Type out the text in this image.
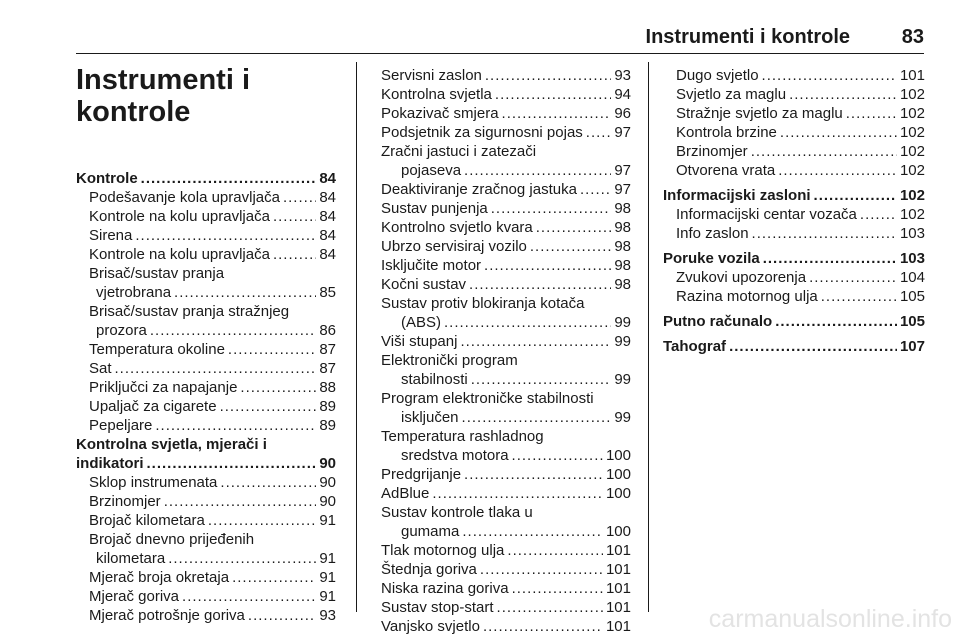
Instrumenti i kontrole	83
Instrumenti i
kontrole
Kontrole .....	84
Podešavanje kola upravljača .....	84
Kontrole na kolu upravljača .....	84
Sirena .....	84
Kontrole na kolu upravljača .....	84
Brisač/sustav pranja
vjetrobrana .....	85
Brisač/sustav pranja stražnjeg
prozora .....	86
Temperatura okoline .....	87
Sat .....	87
Priključci za napajanje .....	88
Upaljač za cigarete .....	89
Pepeljare .....	89
Kontrolna svjetla, mjerači i
indikatori .....	90
Sklop instrumenata .....	90
Brzinomjer .....	90
Brojač kilometara .....	91
Brojač dnevno prijeđenih
kilometara .....	91
Mjerač broja okretaja .....	91
Mjerač goriva .....	91
Mjerač potrošnje goriva .....	93
Servisni zaslon .....	93
Kontrolna svjetla .....	94
Pokazivač smjera .....	96
Podsjetnik za sigurnosni pojas ..... 97
Zračni jastuci i zatezači
pojaseva .....	97
Deaktiviranje zračnog jastuka ..... 97
Sustav punjenja .....	98
Kontrolno svjetlo kvara .....	98
Ubrzo servisiraj vozilo .....	98
Isključite motor .....	98
Kočni sustav .....	98
Sustav protiv blokiranja kotača
(ABS) .....	99
Viši stupanj .....	99
Elektronički program
stabilnosti .....	99
Program elektroničke stabilnosti
isključen .....	99
Temperatura rashladnog
sredstva motora .....	100
Predgrijanje .....	100
AdBlue .....	100
Sustav kontrole tlaka u
gumama .....	100
Tlak motornog ulja .....	101
Štednja goriva .....	101
Niska razina goriva .....	101
Sustav stop-start .....	101
Vanjsko svjetlo .....	101
Dugo svjetlo .....	101
Svjetlo za maglu .....	102
Stražnje svjetlo za maglu .....	102
Kontrola brzine .....	102
Brzinomjer .....	102
Otvorena vrata .....	102
Informacijski zasloni .....	102
Informacijski centar vozača .....	102
Info zaslon .....	103
Poruke vozila .....	103
Zvukovi upozorenja .....	104
Razina motornog ulja .....	105
Putno računalo .....	105
Tahograf .....	107
carmanualsonline.info
